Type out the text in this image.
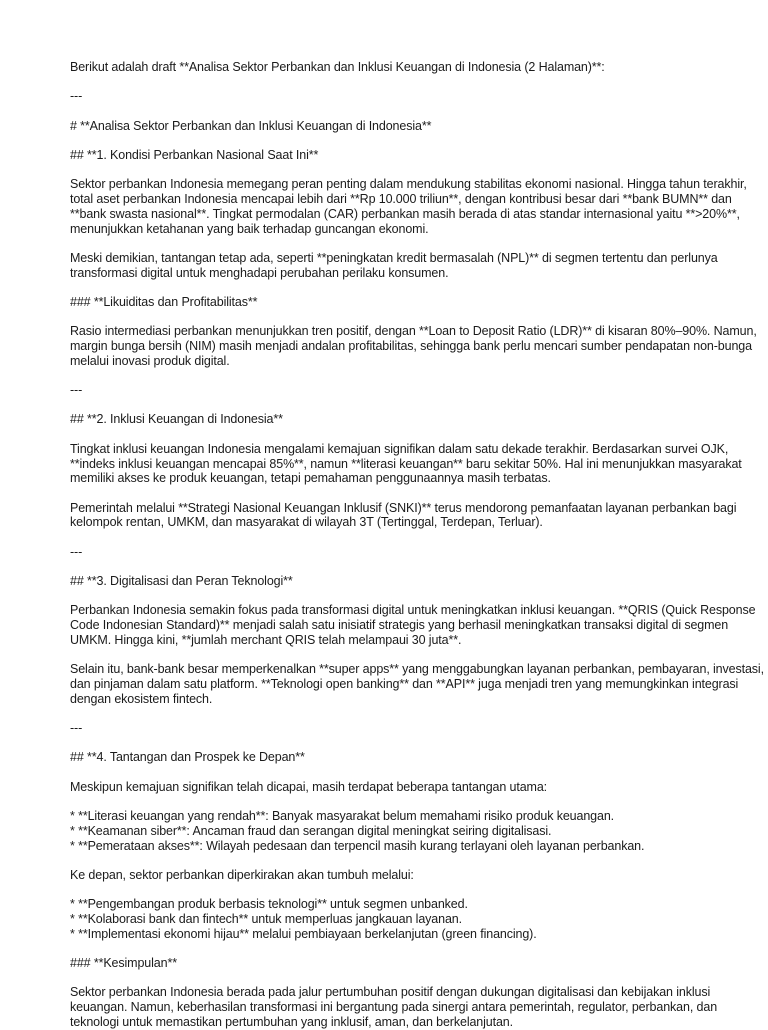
Berikut adalah draft **Analisa Sektor Perbankan dan Inklusi Keuangan di Indonesia (2 Halaman)**:

---

# **Analisa Sektor Perbankan dan Inklusi Keuangan di Indonesia**

## **1. Kondisi Perbankan Nasional Saat Ini**

Sektor perbankan Indonesia memegang peran penting dalam mendukung stabilitas ekonomi nasional. Hingga tahun terakhir, total aset perbankan Indonesia mencapai lebih dari **Rp 10.000 triliun**, dengan kontribusi besar dari **bank BUMN** dan **bank swasta nasional**. Tingkat permodalan (CAR) perbankan masih berada di atas standar internasional yaitu **>20%**, menunjukkan ketahanan yang baik terhadap guncangan ekonomi.

Meski demikian, tantangan tetap ada, seperti **peningkatan kredit bermasalah (NPL)** di segmen tertentu dan perlunya transformasi digital untuk menghadapi perubahan perilaku konsumen.

### **Likuiditas dan Profitabilitas**

Rasio intermediasi perbankan menunjukkan tren positif, dengan **Loan to Deposit Ratio (LDR)** di kisaran 80%–90%. Namun, margin bunga bersih (NIM) masih menjadi andalan profitabilitas, sehingga bank perlu mencari sumber pendapatan non-bunga melalui inovasi produk digital.

---

## **2. Inklusi Keuangan di Indonesia**

Tingkat inklusi keuangan Indonesia mengalami kemajuan signifikan dalam satu dekade terakhir. Berdasarkan survei OJK, **indeks inklusi keuangan mencapai 85%**, namun **literasi keuangan** baru sekitar 50%. Hal ini menunjukkan masyarakat memiliki akses ke produk keuangan, tetapi pemahaman penggunaannya masih terbatas.

Pemerintah melalui **Strategi Nasional Keuangan Inklusif (SNKI)** terus mendorong pemanfaatan layanan perbankan bagi kelompok rentan, UMKM, dan masyarakat di wilayah 3T (Tertinggal, Terdepan, Terluar).

---

## **3. Digitalisasi dan Peran Teknologi**

Perbankan Indonesia semakin fokus pada transformasi digital untuk meningkatkan inklusi keuangan. **QRIS (Quick Response Code Indonesian Standard)** menjadi salah satu inisiatif strategis yang berhasil meningkatkan transaksi digital di segmen UMKM. Hingga kini, **jumlah merchant QRIS telah melampaui 30 juta**.

Selain itu, bank-bank besar memperkenalkan **super apps** yang menggabungkan layanan perbankan, pembayaran, investasi, dan pinjaman dalam satu platform. **Teknologi open banking** dan **API** juga menjadi tren yang memungkinkan integrasi dengan ekosistem fintech.

---

## **4. Tantangan dan Prospek ke Depan**

Meskipun kemajuan signifikan telah dicapai, masih terdapat beberapa tantangan utama:

* **Literasi keuangan yang rendah**: Banyak masyarakat belum memahami risiko produk keuangan.

* **Keamanan siber**: Ancaman fraud dan serangan digital meningkat seiring digitalisasi.

* **Pemerataan akses**: Wilayah pedesaan dan terpencil masih kurang terlayani oleh layanan perbankan.

Ke depan, sektor perbankan diperkirakan akan tumbuh melalui:

* **Pengembangan produk berbasis teknologi** untuk segmen unbanked.

* **Kolaborasi bank dan fintech** untuk memperluas jangkauan layanan.

* **Implementasi ekonomi hijau** melalui pembiayaan berkelanjutan (green financing).

### **Kesimpulan**

Sektor perbankan Indonesia berada pada jalur pertumbuhan positif dengan dukungan digitalisasi dan kebijakan inklusi keuangan. Namun, keberhasilan transformasi ini bergantung pada sinergi antara pemerintah, regulator, perbankan, dan teknologi untuk memastikan pertumbuhan yang inklusif, aman, dan berkelanjutan.
